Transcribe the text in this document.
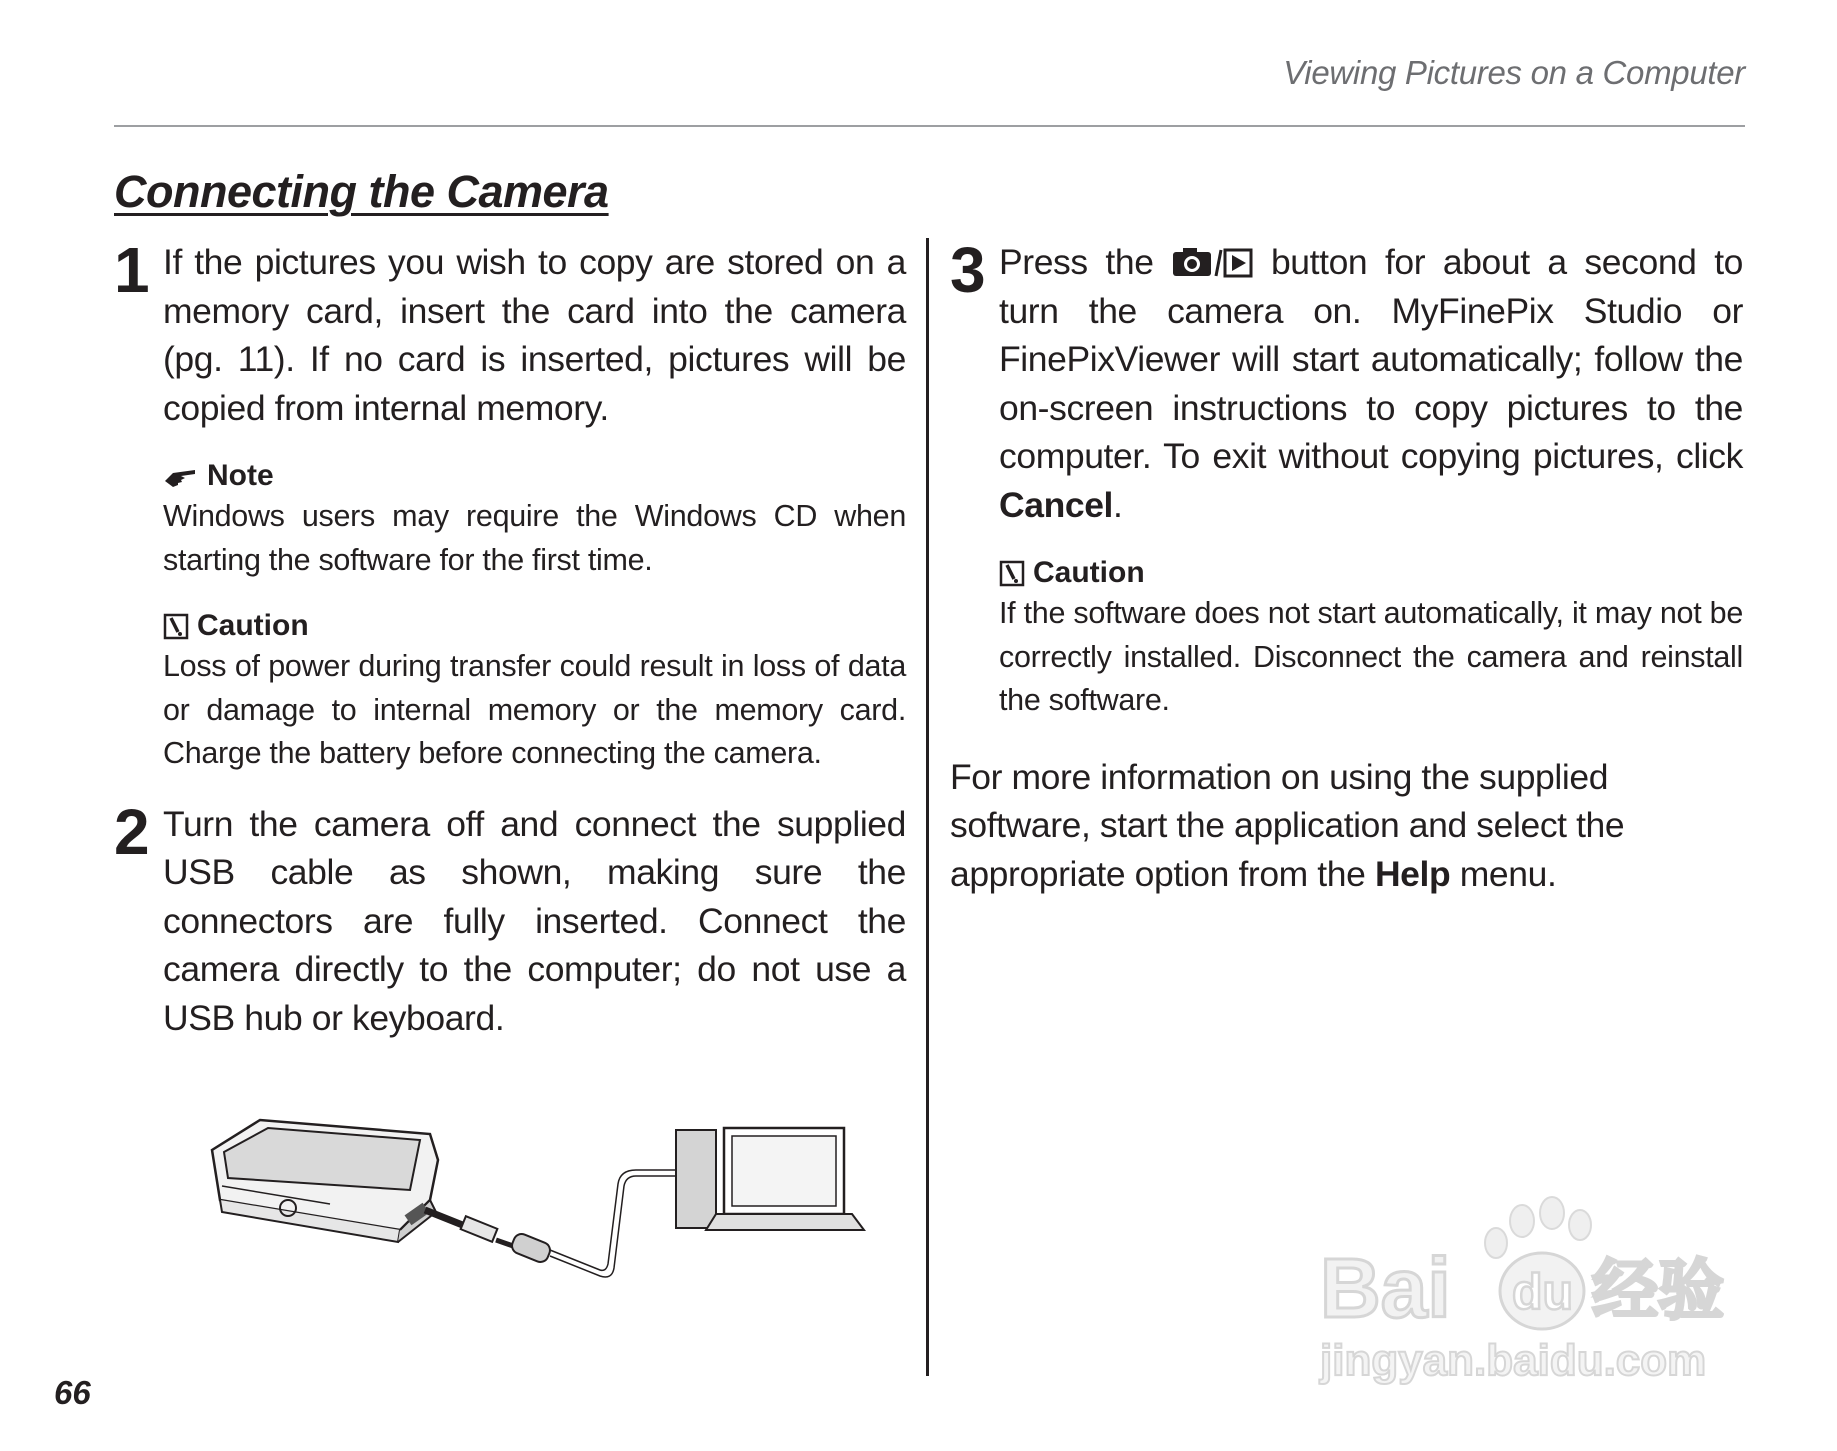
Viewing Pictures on a Computer
Connecting the Camera
1 If the pictures you wish to copy are stored on a memory card, insert the card into the camera (pg. 11). If no card is inserted, pictures will be copied from internal memory.

Note

Windows users may require the Windows CD when starting the software for the first time.

Caution

Loss of power during transfer could result in loss of data or damage to internal memory or the memory card. Charge the battery before connecting the camera.

2 Turn the camera off and connect the supplied USB cable as shown, making sure the connectors are fully inserted. Connect the camera directly to the computer; do not use a USB hub or keyboard.

3 Press the  button for about a second to turn the camera on. MyFinePix Studio or FinePixViewer will start automatically; follow the on-screen instructions to copy pictures to the computer. To exit without copying pictures, click Cancel.

Caution

If the software does not start automatically, it may not be correctly installed. Disconnect the camera and reinstall the software.

For more information on using the supplied software, start the application and select the appropriate option from the Help menu.

Bai du 经验
jingyan.baidu.com
66
